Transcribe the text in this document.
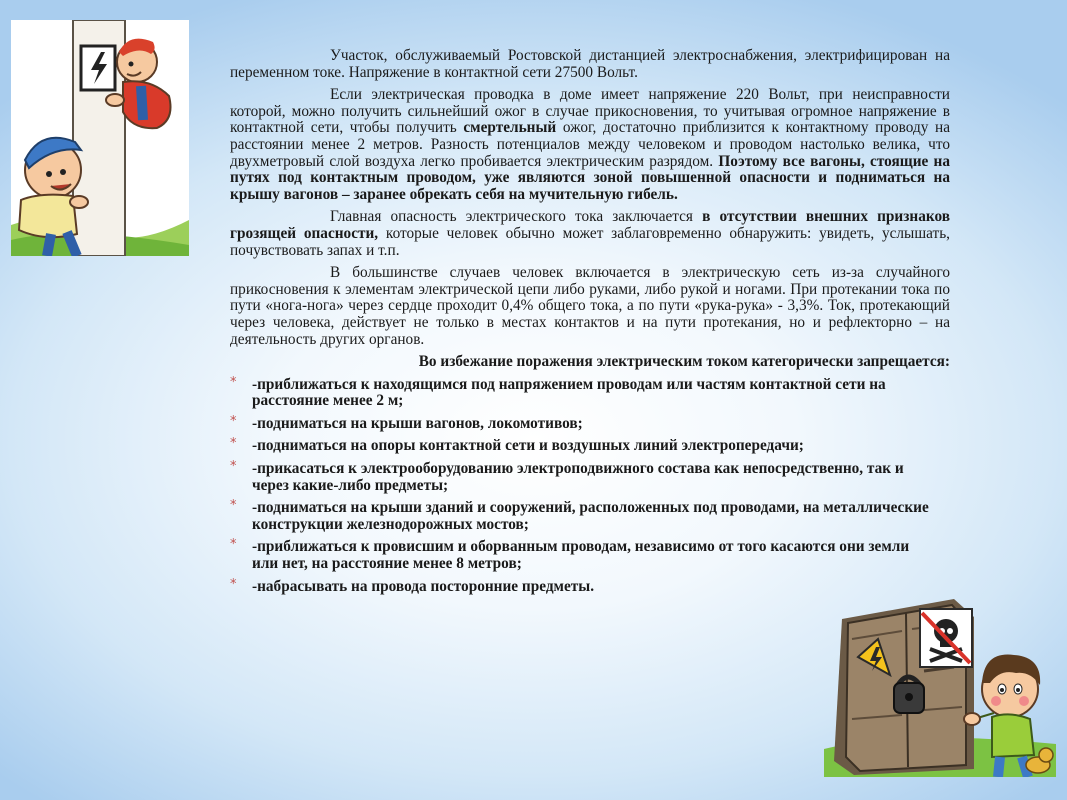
Участок, обслуживаемый Ростовской дистанцией электроснабжения, электрифицирован на переменном токе. Напряжение в контактной сети 27500 Вольт.

Если электрическая проводка в доме имеет напряжение 220 Вольт, при неисправности которой, можно получить сильнейший ожог в случае прикосновения, то учитывая огромное напряжение в контактной сети, чтобы получить смертельный ожог, достаточно приблизится к контактному проводу на расстоянии менее 2 метров. Разность потенциалов между человеком и проводом настолько велика, что двухметровый слой воздуха легко пробивается электрическим разрядом. Поэтому все вагоны, стоящие на путях под контактным проводом, уже являются зоной повышенной опасности и подниматься на крышу вагонов – заранее обрекать себя на мучительную гибель.

Главная опасность электрического тока заключается в отсутствии внешних признаков грозящей опасности, которые человек обычно может заблаговременно обнаружить: увидеть, услышать, почувствовать запах и т.п.

В большинстве случаев человек включается в электрическую сеть из-за случайного прикосновения к элементам электрической цепи либо руками, либо рукой и ногами. При протекании тока по пути «нога-нога» через сердце проходит 0,4% общего тока, а по пути «рука-рука» - 3,3%. Ток, протекающий через человека, действует не только в местах контактов и на пути протекания, но и рефлекторно – на деятельность других органов.

Во избежание поражения электрическим током категорически запрещается:
* -приближаться к находящимся под напряжением проводам или частям контактной сети на расстояние менее 2 м;
* -подниматься на крыши вагонов, локомотивов;
* -подниматься на опоры контактной сети и воздушных линий электропередачи;
* -прикасаться к электрооборудованию электроподвижного состава как непосредственно, так и через какие-либо предметы;
* -подниматься на крыши зданий и сооружений, расположенных под проводами, на металлические конструкции железнодорожных мостов;
* -приближаться к провисшим и оборванным проводам, независимо от того касаются они земли или нет, на расстояние менее 8 метров;
* -набрасывать на провода посторонние предметы.
